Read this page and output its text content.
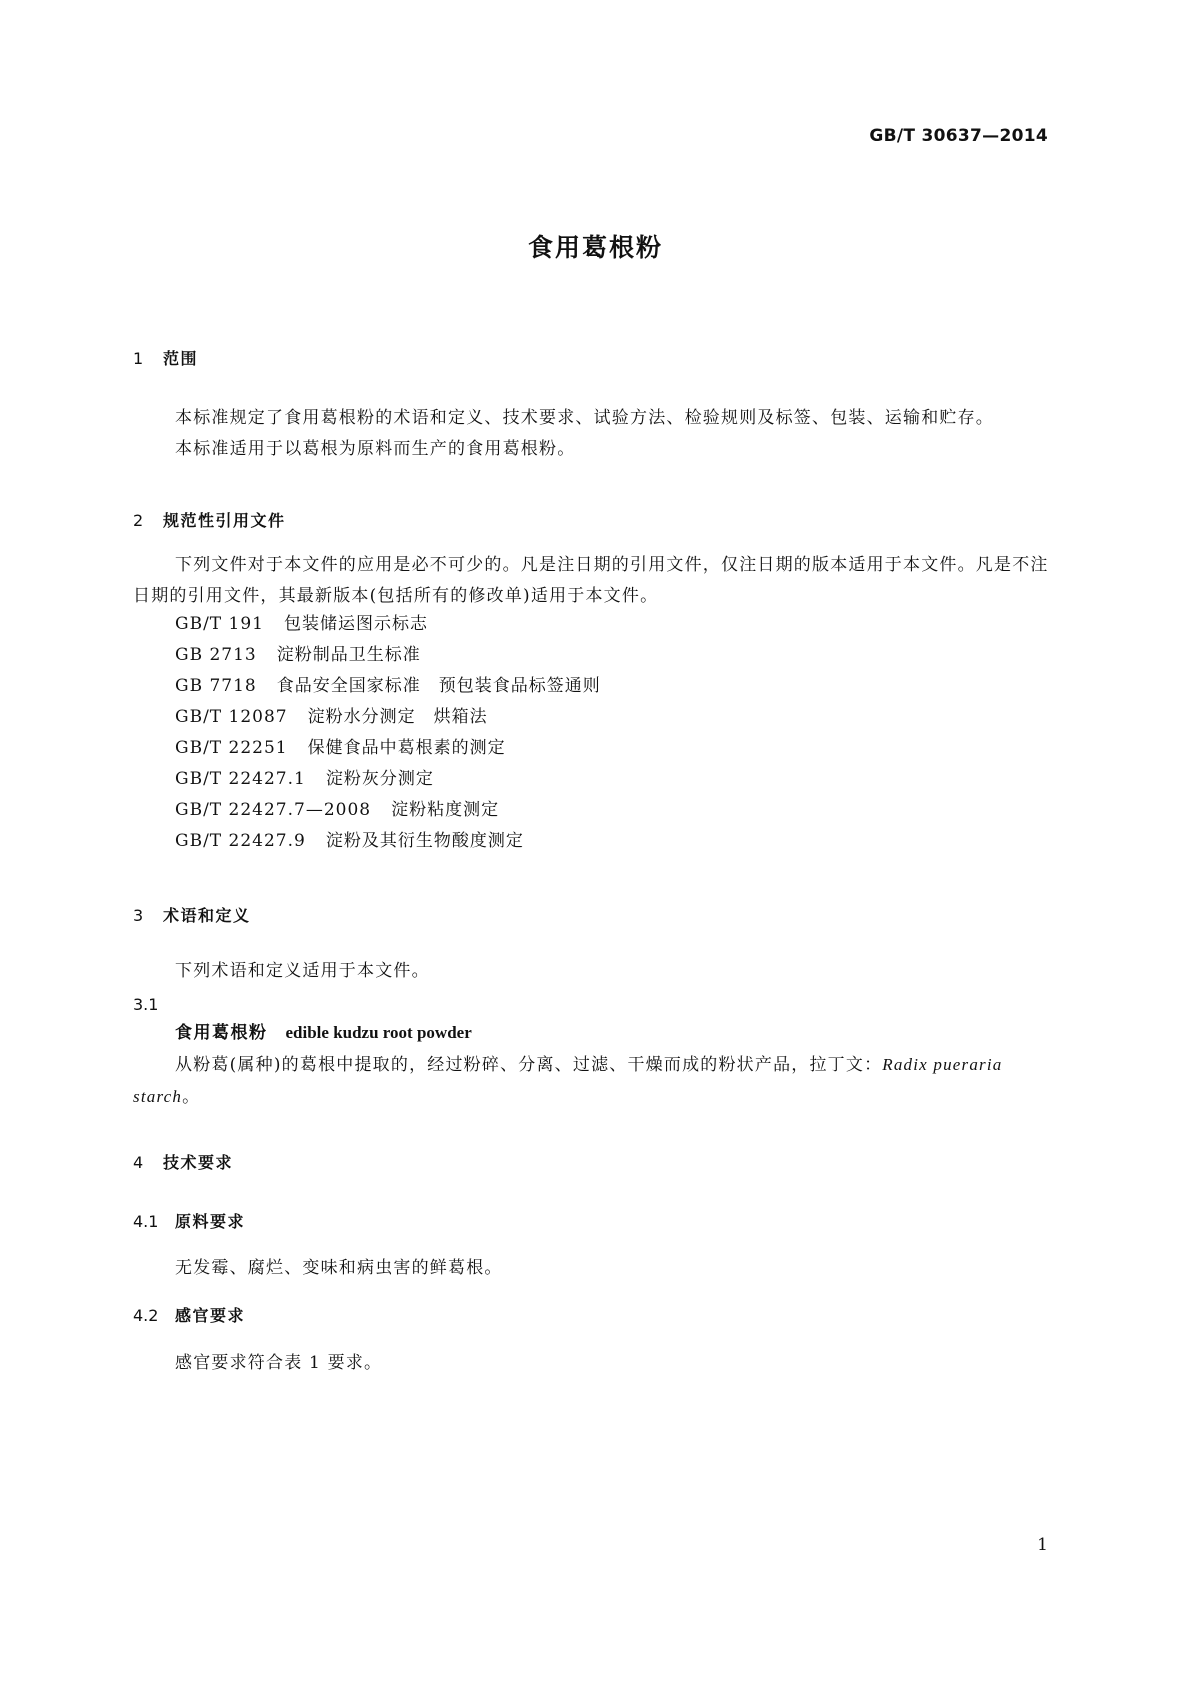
GB/T 30637—2014
食用葛根粉
1 范围
本标准规定了食用葛根粉的术语和定义、技术要求、试验方法、检验规则及标签、包装、运输和贮存。
本标准适用于以葛根为原料而生产的食用葛根粉。
2 规范性引用文件
下列文件对于本文件的应用是必不可少的。凡是注日期的引用文件，仅注日期的版本适用于本文件。凡是不注日期的引用文件，其最新版本(包括所有的修改单)适用于本文件。
GB/T 191 包装储运图示标志
GB 2713 淀粉制品卫生标准
GB 7718 食品安全国家标准　预包装食品标签通则
GB/T 12087 淀粉水分测定　烘箱法
GB/T 22251 保健食品中葛根素的测定
GB/T 22427.1 淀粉灰分测定
GB/T 22427.7—2008 淀粉粘度测定
GB/T 22427.9 淀粉及其衍生物酸度测定
3 术语和定义
下列术语和定义适用于本文件。
3.1
食用葛根粉 edible kudzu root powder
从粉葛(属种)的葛根中提取的，经过粉碎、分离、过滤、干燥而成的粉状产品，拉丁文：Radix pueraria starch。
4 技术要求
4.1 原料要求
无发霉、腐烂、变味和病虫害的鲜葛根。
4.2 感官要求
感官要求符合表 1 要求。
1
